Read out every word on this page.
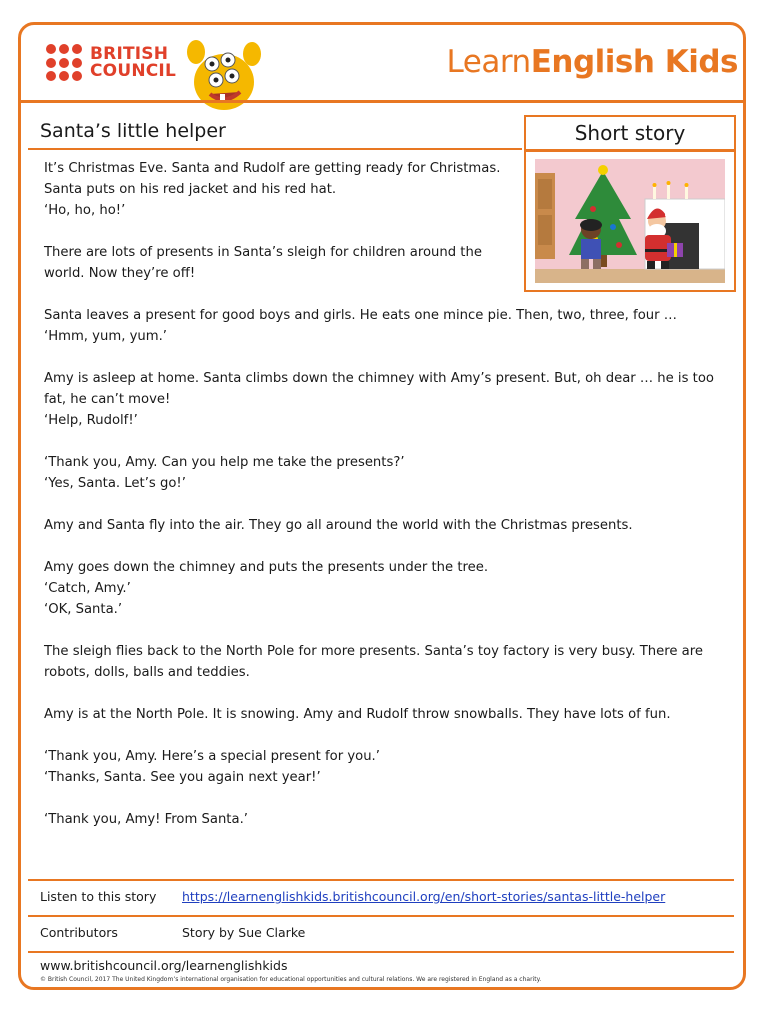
BRITISH
COUNCIL	LearnEnglish Kids
Santa’s little helper	Short story

It’s Christmas Eve. Santa and Rudolf are getting ready for Christmas.
Santa puts on his red jacket and his red hat.
‘Ho, ho, ho!’

There are lots of presents in Santa’s sleigh for children around the
world. Now they’re off!

Santa leaves a present for good boys and girls. He eats one mince pie. Then, two, three, four …
‘Hmm, yum, yum.’

Amy is asleep at home. Santa climbs down the chimney with Amy’s present. But, oh dear … he is too fat, he can’t move!
‘Help, Rudolf!’

‘Thank you, Amy. Can you help me take the presents?’
‘Yes, Santa. Let’s go!’

Amy and Santa fly into the air. They go all around the world with the Christmas presents.

Amy goes down the chimney and puts the presents under the tree.
‘Catch, Amy.’
‘OK, Santa.’

The sleigh flies back to the North Pole for more presents. Santa’s toy factory is very busy. There are robots, dolls, balls and teddies.

Amy is at the North Pole. It is snowing. Amy and Rudolf throw snowballs. They have lots of fun.

‘Thank you, Amy. Here’s a special present for you.’
‘Thanks, Santa. See you again next year!’

‘Thank you, Amy! From Santa.’

Listen to this story https://learnenglishkids.britishcouncil.org/en/short-stories/santas-little-helper
Contributors	Story by Sue Clarke
www.britishcouncil.org/learnenglishkids
© British Council, 2017 The United Kingdom’s international organisation for educational opportunities and cultural relations. We are registered in England as a charity.
